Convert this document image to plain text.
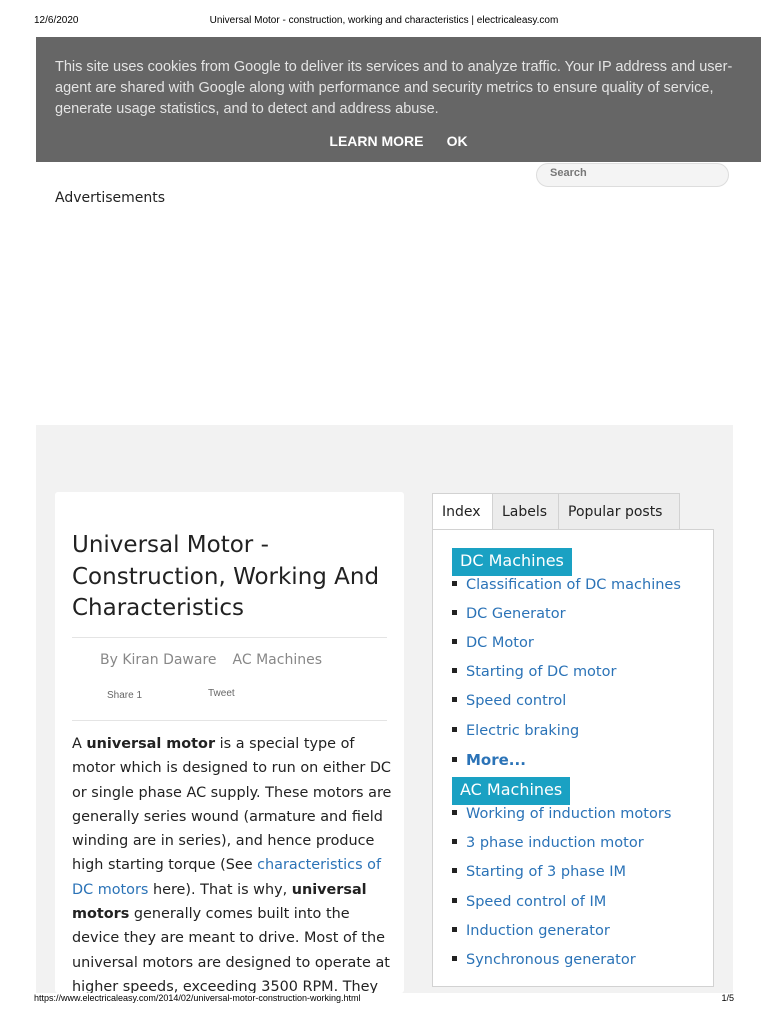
12/6/2020	Universal Motor - construction, working and characteristics | electricaleasy.com
This site uses cookies from Google to deliver its services and to analyze traffic. Your IP address and user-agent are shared with Google along with performance and security metrics to ensure quality of service, generate usage statistics, and to detect and address abuse.
LEARN MORE OK
Search
Advertisements
Universal Motor - Construction, Working And Characteristics
By Kiran Daware AC Machines
Share 1	Tweet
A universal motor is a special type of motor which is designed to run on either DC or single phase AC supply. These motors are generally series wound (armature and field winding are in series), and hence produce high starting torque (See characteristics of DC motors here). That is why, universal motors generally comes built into the device they are meant to drive. Most of the universal motors are designed to operate at higher speeds, exceeding 3500 RPM. They
Index	Labels	Popular posts
DC Machines
Classification of DC machines
DC Generator
DC Motor
Starting of DC motor
Speed control
Electric braking
More...
AC Machines
Working of induction motors
3 phase induction motor
Starting of 3 phase IM
Speed control of IM
Induction generator
Synchronous generator
https://www.electricaleasy.com/2014/02/universal-motor-construction-working.html	1/5
